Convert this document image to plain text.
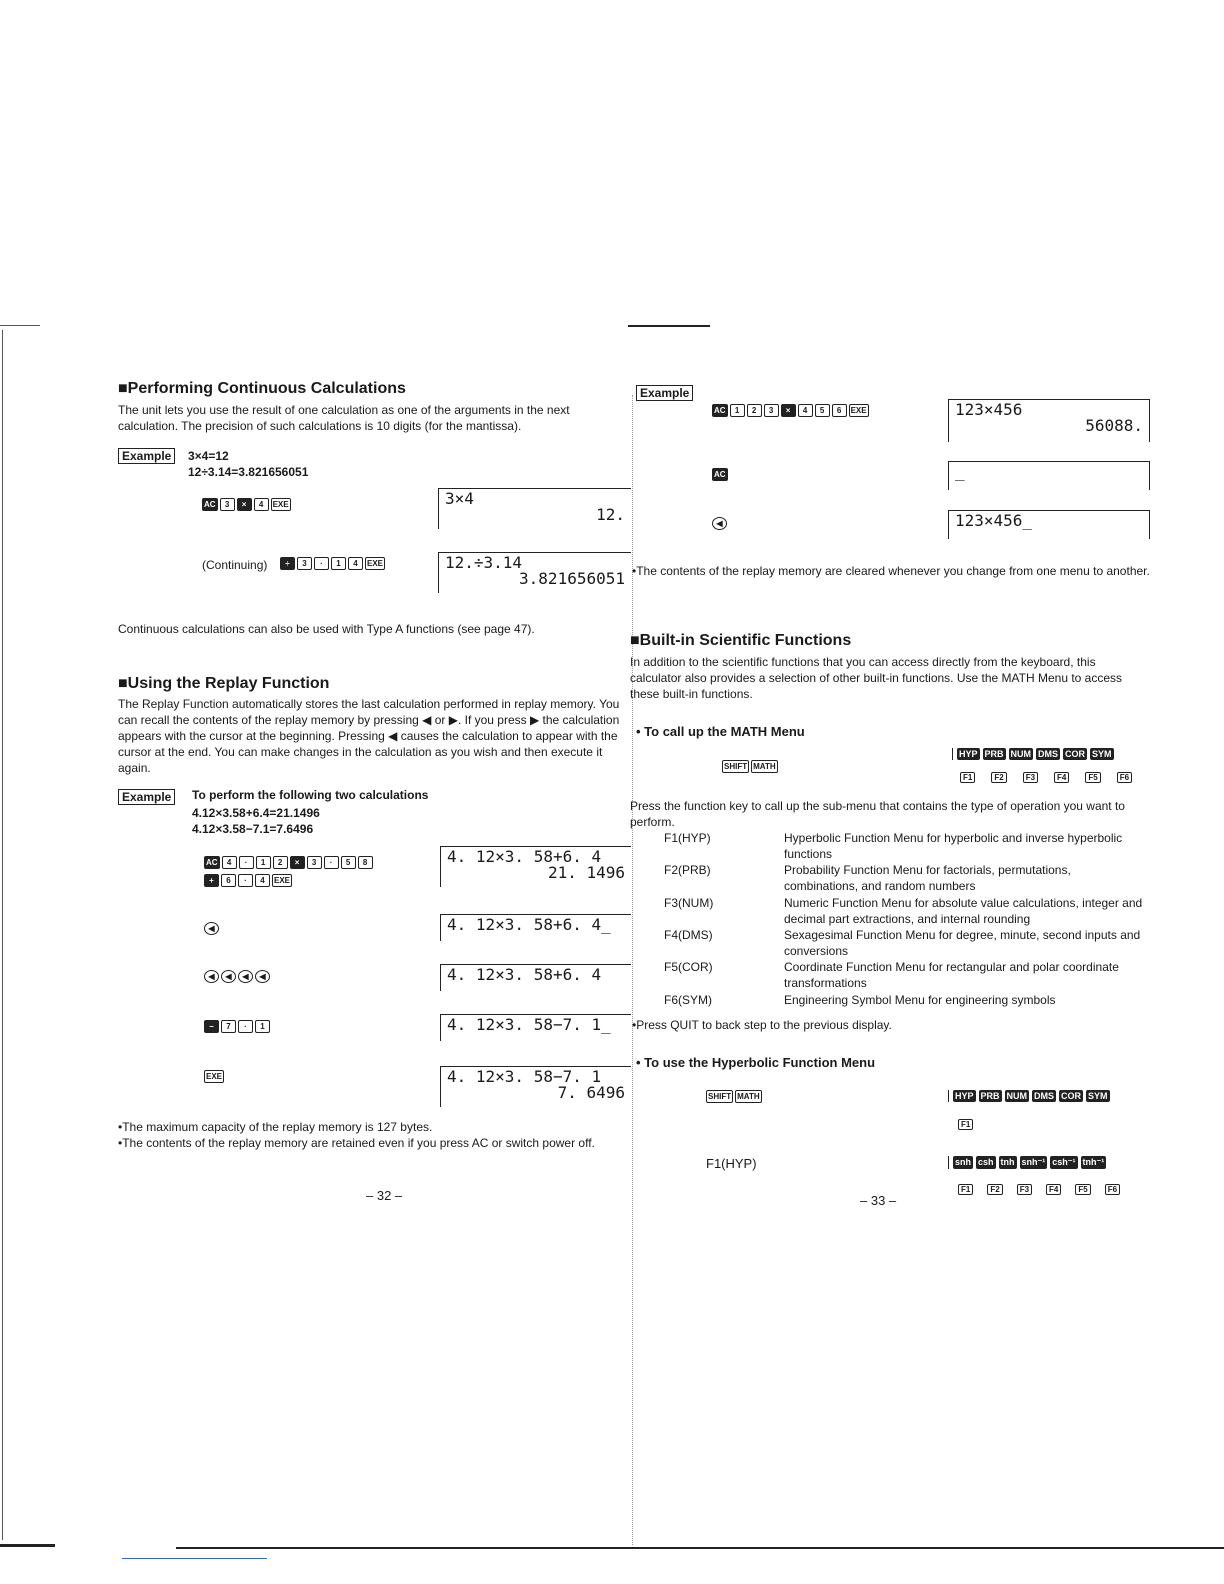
■Performing Continuous Calculations
The unit lets you use the result of one calculation as one of the arguments in the next calculation. The precision of such calculations is 10 digits (for the mantissa).
Example	3×4=12
12÷3.14=3.821656051
AC	3	×	4	EXE	3×4
12.
(Continuing)	÷	3	·	1	4	EXE	12.÷3.14
3.821656051
Continuous calculations can also be used with Type A functions (see page 47).
■Using the Replay Function
The Replay Function automatically stores the last calculation performed in replay memory. You can recall the contents of the replay memory by pressing ◀ or ▶. If you press ▶ the calculation appears with the cursor at the beginning. Pressing ◀ causes the calculation to appear with the cursor at the end. You can make changes in the calculation as you wish and then execute it again.
Example	To perform the following two calculations
4.12×3.58+6.4=21.1496
4.12×3.58−7.1=7.6496
AC	4	·	1	2	×	3	·	5	8
+	6	·	4	EXE
4. 12×3. 58+6. 4
21. 1496
◀	4. 12×3. 58+6. 4_
◀	◀	◀	◀	4. 12×3. 58+6. 4
−	7	·	1	4. 12×3. 58−7. 1_
EXE	4. 12×3. 58−7. 1
7. 6496
•The maximum capacity of the replay memory is 127 bytes.
•The contents of the replay memory are retained even if you press AC or switch power off.
– 32 –
Example
AC	1	2	3	×	4	5	6	EXE	123×456
56088.
AC	_
◀	123×456_
•The contents of the replay memory are cleared whenever you change from one menu to another.
■Built-in Scientific Functions
In addition to the scientific functions that you can access directly from the keyboard, this calculator also provides a selection of other built-in functions. Use the MATH Menu to access these built-in functions.
• To call up the MATH Menu
SHIFT MATH
HYP PRB NUM DMS COR SYM
F1	F2	F3	F4	F5	F6
Press the function key to call up the sub-menu that contains the type of operation you want to perform.
F1(HYP)	Hyperbolic Function Menu for hyperbolic and inverse hyperbolic functions
F2(PRB)	Probability Function Menu for factorials, permutations, combinations, and random numbers
F3(NUM)	Numeric Function Menu for absolute value calculations, integer and decimal part extractions, and internal rounding
F4(DMS)	Sexagesimal Function Menu for degree, minute, second inputs and conversions
F5(COR)	Coordinate Function Menu for rectangular and polar coordinate transformations
F6(SYM)	Engineering Symbol Menu for engineering symbols
•Press QUIT to back step to the previous display.
• To use the Hyperbolic Function Menu
SHIFT MATH	HYP PRB NUM DMS COR SYM
F1
F1(HYP)	snh csh tnh snh⁻¹ csh⁻¹ tnh⁻¹
F1	F2	F3	F4	F5	F6
– 33 –
